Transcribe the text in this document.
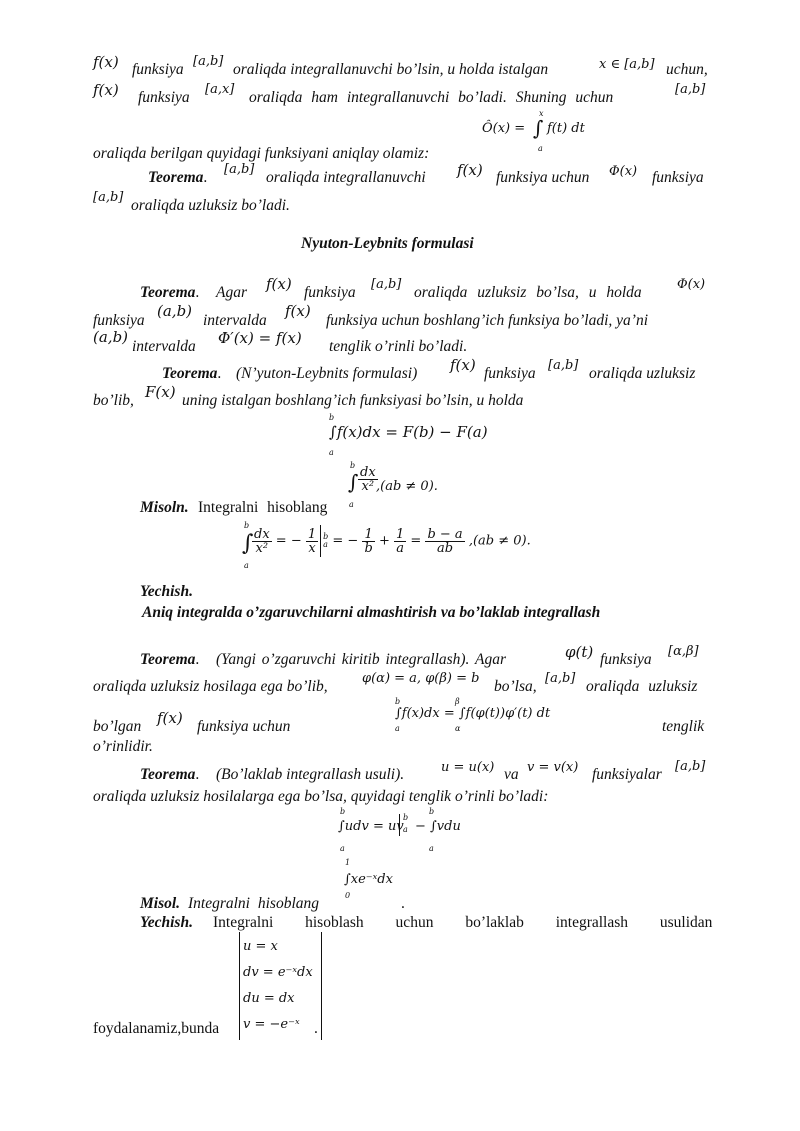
f(x) funksiya [a,b] oraliqda integrallanuvchi bo’lsin, u holda istalgan	x ∈ [a,b] uchun,
f(x) funksiya [a,x] oraliqda ham integrallanuvchi bo’ladi. Shuning uchun	[a,b]
Ô(x) =
x
∫
a
f(t) dt
oraliqda berilgan quyidagi funksiyani aniqlay olamiz:
Teorema. [a,b] oraliqda integrallanuvchi f(x) funksiya uchun Φ(x) funksiya
[a,b] oraliqda uzluksiz bo’ladi.
Nyuton-Leybnits formulasi
Teorema. Agar f(x) funksiya [a,b] oraliqda uzluksiz bo’lsa, u holda	Φ(x)
funksiya
(a,b)
intervalda
f(x)
funksiya uchun boshlang’ich funksiya bo’ladi, ya’ni
(a,b)
intervalda Φ′(x) = f(x) tenglik o’rinli bo’ladi.
Teorema. (N’yuton-Leybnits formulasi) f(x) funksiya [a,b] oraliqda uzluksiz
bo’lib, F(x) uning istalgan boshlang’ich funksiyasi bo’lsin, u holda
b
∫f(x)dx = F(b) − F(a)
a
b
∫ $\frac{dx}{\text{x²}}$
,(ab ≠ 0).
a
Misoln. Integralni hisoblang
b
∫
a
$\frac{dx}{\text{x²}}$ = − $\frac{1}{x}$ b
a = − $\frac{1}{b} + \frac{1}{a} = \frac{b - a}{ab} ,(ab \ne 0)$.
Yechish.
Aniq integralda o’zgaruvchilarni almashtirish va bo’laklab integrallash
Teorema. (Yangi o’zgaruvchi kiritib integrallash). Agar	φ(t) funksiya [α,β]
oraliqda uzluksiz hosilaga ega bo’lib,	φ(α) = a, φ(β) = b bo’lsa, [a,b] oraliqda uzluksiz
b	β
∫f(x)dx = ∫f(φ(t))φ′(t) dt
a	α
bo’lgan f(x) funksiya uchun	tenglik
o’rinlidir.
Teorema. (Bo’laklab integrallash usuli).	u = u(x) va v = v(x) funksiyalar [a,b]
oraliqda uzluksiz hosilalarga ega bo’lsa, quyidagi tenglik o’rinli bo’ladi:
b	b
∫udv = uv
b
a − ∫vdu
a	a
1
∫xe⁻ˣdx
0
Misol. Integralni hisoblang	.
Yechish. Integralni hisoblash uchun bo’laklab integrallash usulidan
u = x
dv = e⁻ˣdx
du = dx
v = −e⁻ˣ
foydalanamiz,bunda	.
